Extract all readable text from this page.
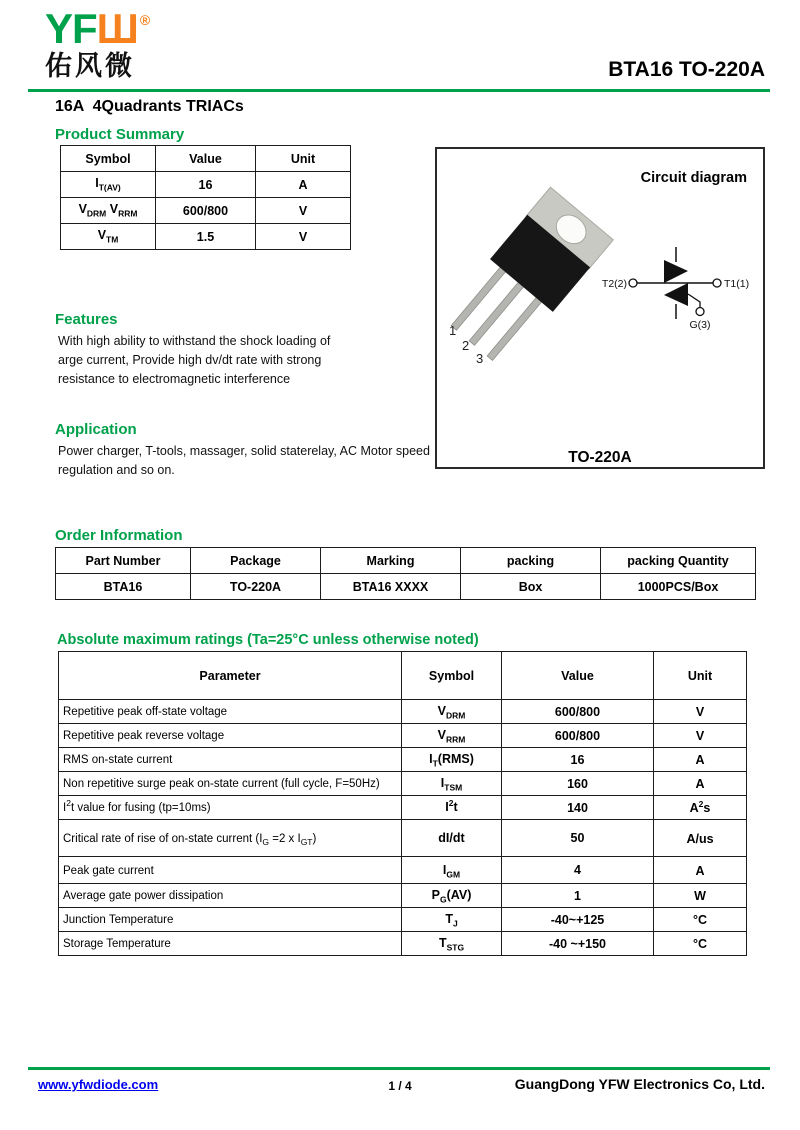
YFШ ®
佑风微	BTA16 TO-220A
16A  4Quadrants TRIACs
Product Summary
Symbol	Value	Unit
$I_{T(AV)}$	16	A
$V_{DRM}$ $V_{RRM}$	600/800	V
$V_{TM}$	1.5	V
Features
With high ability to withstand the shock loading of
arge current, Provide high dv/dt rate with strong
resistance to electromagnetic interference
Application
Power charger, T-tools, massager, solid staterelay, AC Motor speed
regulation and so on.
Circuit diagram
1
2
3
T2(2)	T1(1)
G(3)
TO-220A
Order Information
Part Number	Package	Marking	packing	packing Quantity
BTA16	TO-220A	BTA16 XXXX	Box	1000PCS/Box
Absolute maximum ratings (Ta=25°C unless otherwise noted)
Parameter	Symbol	Value	Unit
Repetitive peak off-state voltage	$V_{DRM}$	600/800	V
Repetitive peak reverse voltage	$V_{RRM}$	600/800	V
RMS on-state current	$I_T(RMS)$	16	A
Non repetitive surge peak on-state current (full cycle, F=50Hz)	$I_{TSM}$	160	A
$I^2t$ value for fusing (tp=10ms)	$I^2t$	140	$A^2s$
Critical rate of rise of on-state current ($I_G =2$ x $I_{GT}$)	dI/dt	50	A/us
Peak gate current	$I_{GM}$	4	A
Average gate power dissipation	$P_G(AV)$	1	W
Junction Temperature	$T_J$	-40~+125	°C
Storage Temperature	$T_{STG}$	-40 ~+150	°C
www.yfwdiode.com	1 / 4	GuangDong YFW Electronics Co, Ltd.
